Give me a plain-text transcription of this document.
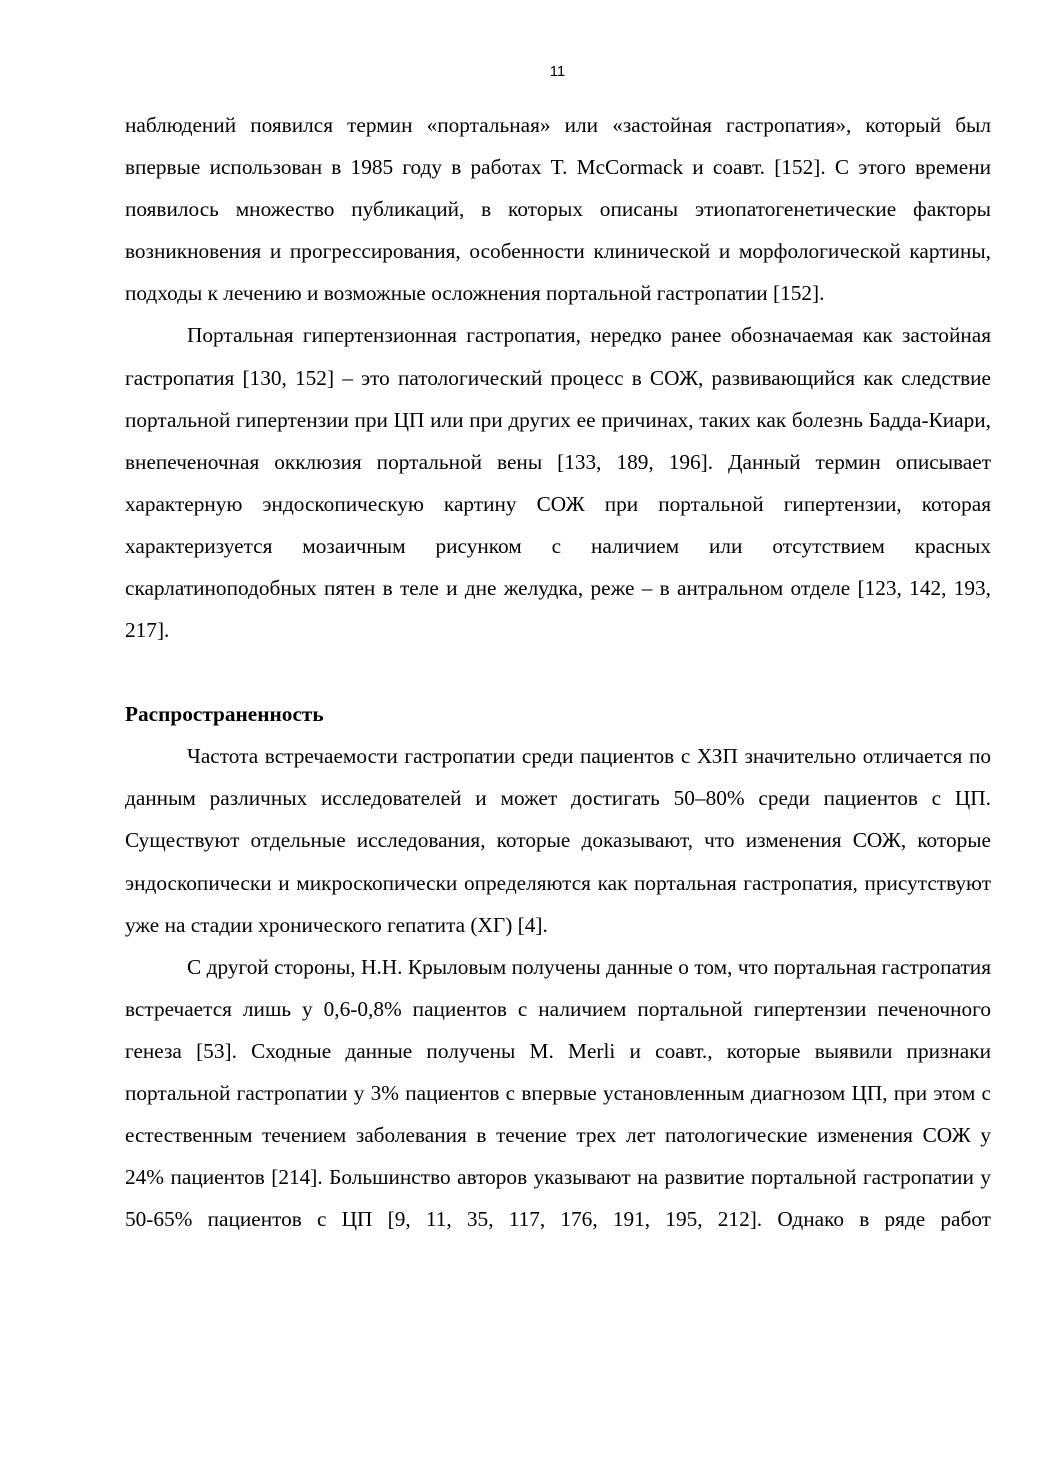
11

наблюдений появился термин «портальная» или «застойная гастропатия», который был впервые использован в 1985 году в работах T. McCormack и соавт. [152]. С этого времени появилось множество публикаций, в которых описаны этиопатогенетические факторы возникновения и прогрессирования, особенности клинической и морфологической картины, подходы к лечению и возможные осложнения портальной гастропатии [152].

Портальная гипертензионная гастропатия, нередко ранее обозначаемая как застойная гастропатия [130, 152] – это патологический процесс в СОЖ, развивающийся как следствие портальной гипертензии при ЦП или при других ее причинах, таких как болезнь Бадда-Киари, внепеченочная окклюзия портальной вены [133, 189, 196]. Данный термин описывает характерную эндоскопическую картину СОЖ при портальной гипертензии, которая характеризуется мозаичным рисунком с наличием или отсутствием красных скарлатиноподобных пятен в теле и дне желудка, реже – в антральном отделе [123, 142, 193, 217].

Распространенность

Частота встречаемости гастропатии среди пациентов с ХЗП значительно отличается по данным различных исследователей и может достигать 50–80% среди пациентов с ЦП. Существуют отдельные исследования, которые доказывают, что изменения СОЖ, которые эндоскопически и микроскопически определяются как портальная гастропатия, присутствуют уже на стадии хронического гепатита (ХГ) [4].

С другой стороны, Н.Н. Крыловым получены данные о том, что портальная гастропатия встречается лишь у 0,6-0,8% пациентов с наличием портальной гипертензии печеночного генеза [53]. Сходные данные получены M. Merli и соавт., которые выявили признаки портальной гастропатии у 3% пациентов с впервые установленным диагнозом ЦП, при этом с естественным течением заболевания в течение трех лет патологические изменения СОЖ у 24% пациентов [214]. Большинство авторов указывают на развитие портальной гастропатии у 50-65% пациентов с ЦП [9, 11, 35, 117, 176, 191, 195, 212]. Однако в ряде работ
